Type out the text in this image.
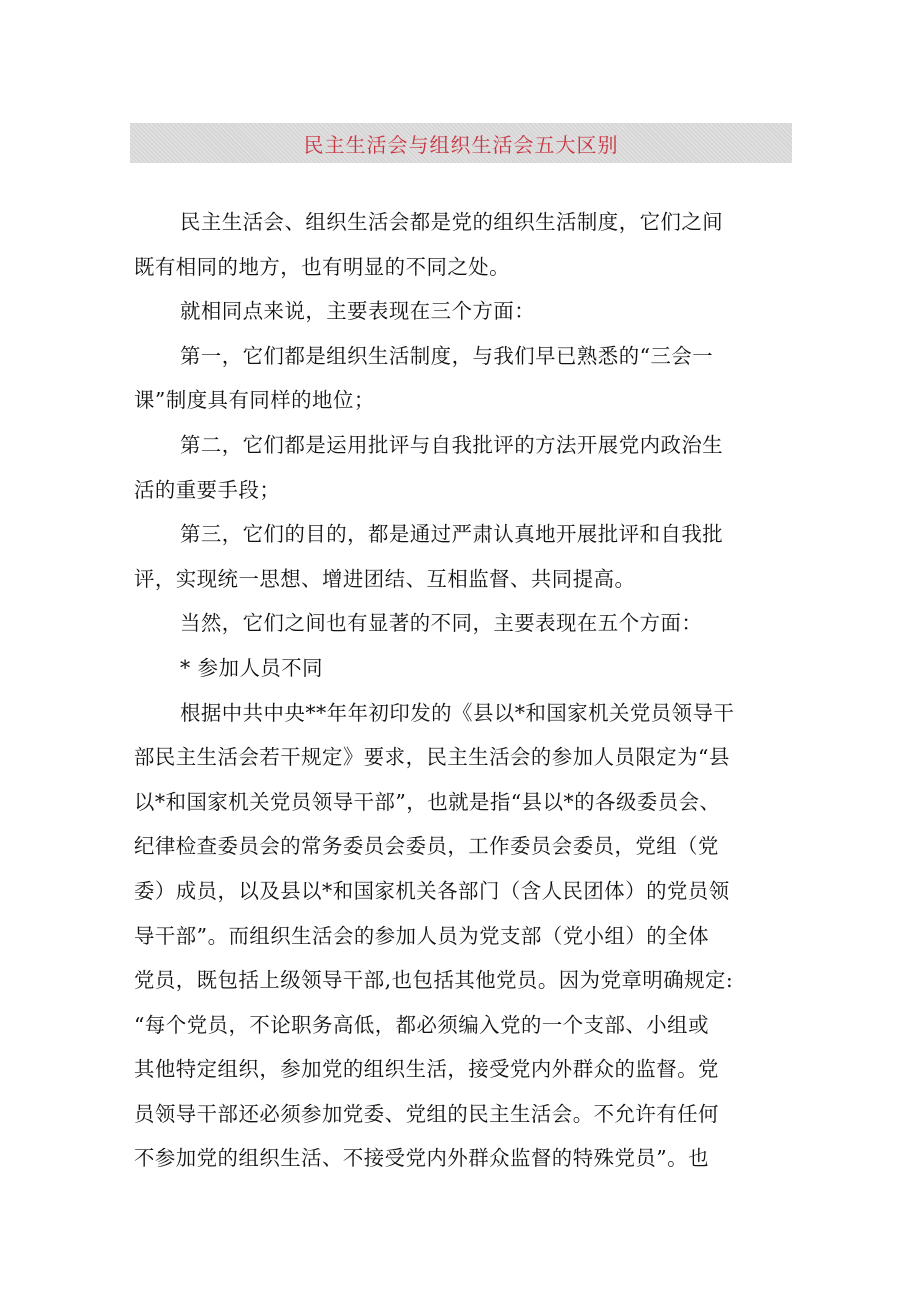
民主生活会与组织生活会五大区别
民主生活会、组织生活会都是党的组织生活制度，它们之间
既有相同的地方，也有明显的不同之处。
就相同点来说，主要表现在三个方面：
第一，它们都是组织生活制度，与我们早已熟悉的“三会一
课”制度具有同样的地位；
第二，它们都是运用批评与自我批评的方法开展党内政治生
活的重要手段；
第三，它们的目的，都是通过严肃认真地开展批评和自我批
评，实现统一思想、增进团结、互相监督、共同提高。
当然，它们之间也有显著的不同，主要表现在五个方面：
* 参加人员不同
根据中共中央**年年初印发的《县以*和国家机关党员领导干
部民主生活会若干规定》要求，民主生活会的参加人员限定为“县
以*和国家机关党员领导干部”，也就是指“县以*的各级委员会、
纪律检查委员会的常务委员会委员，工作委员会委员，党组（党
委）成员，以及县以*和国家机关各部门（含人民团体）的党员领
导干部”。而组织生活会的参加人员为党支部（党小组）的全体
党员，既包括上级领导干部,也包括其他党员。因为党章明确规定:
“每个党员，不论职务高低，都必须编入党的一个支部、小组或
其他特定组织，参加党的组织生活，接受党内外群众的监督。党
员领导干部还必须参加党委、党组的民主生活会。不允许有任何
不参加党的组织生活、不接受党内外群众监督的特殊党员”。也
